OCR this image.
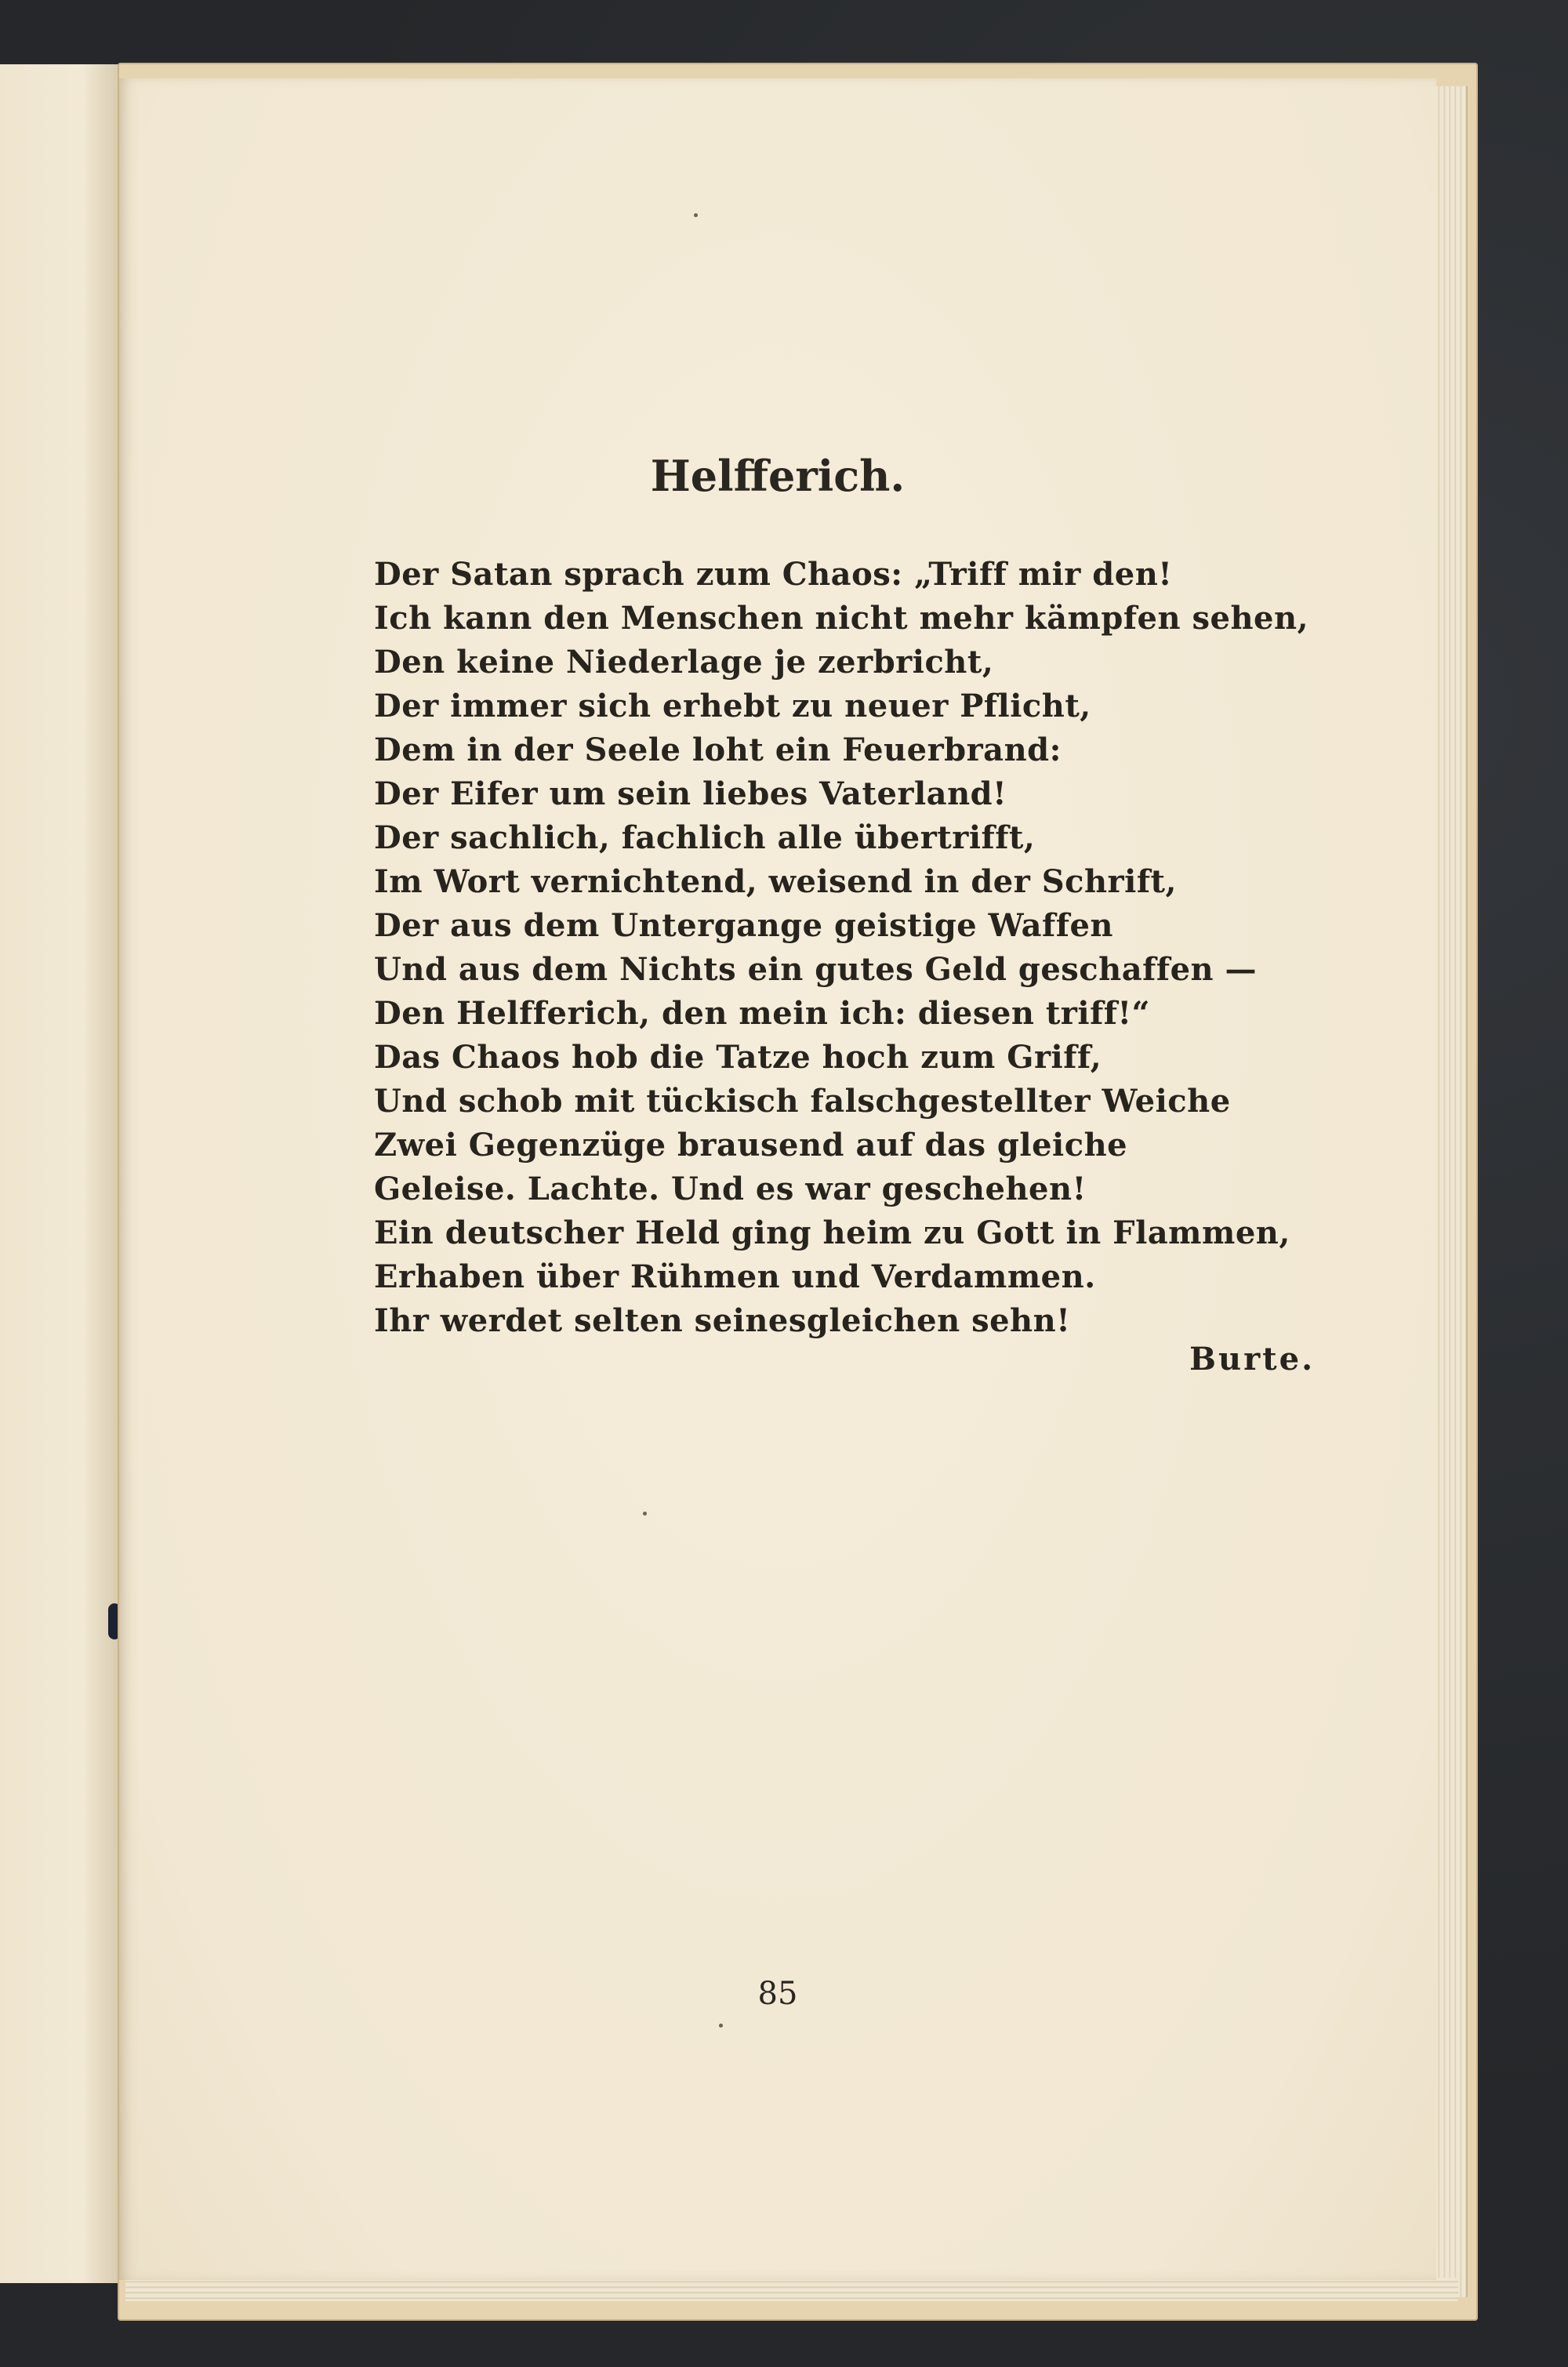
Helfferich.
Der Satan sprach zum Chaos: „Triff mir den!
Ich kann den Menschen nicht mehr kämpfen sehen,
Den keine Niederlage je zerbricht,
Der immer sich erhebt zu neuer Pflicht,
Dem in der Seele loht ein Feuerbrand:
Der Eifer um sein liebes Vaterland!
Der sachlich, fachlich alle übertrifft,
Im Wort vernichtend, weisend in der Schrift,
Der aus dem Untergange geistige Waffen
Und aus dem Nichts ein gutes Geld geschaffen —
Den Helfferich, den mein ich: diesen triff!“
Das Chaos hob die Tatze hoch zum Griff,
Und schob mit tückisch falschgestellter Weiche
Zwei Gegenzüge brausend auf das gleiche
Geleise. Lachte. Und es war geschehen!
Ein deutscher Held ging heim zu Gott in Flammen,
Erhaben über Rühmen und Verdammen.
Ihr werdet selten seinesgleichen sehn!
Burte.
85
